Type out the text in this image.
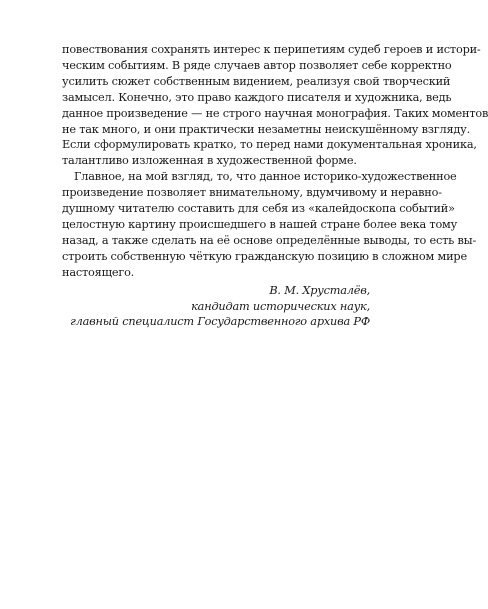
повествования сохранять интерес к перипетиям судеб героев и истори-
ческим событиям. В ряде случаев автор позволяет себе корректно
усилить сюжет собственным видением, реализуя свой творческий
замысел. Конечно, это право каждого писателя и художника, ведь
данное произведение — не строго научная монография. Таких моментов
не так много, и они практически незаметны неискушённому взгляду.
Если сформулировать кратко, то перед нами документальная хроника,
талантливо изложенная в художественной форме.
Главное, на мой взгляд, то, что данное историко-художественное
произведение позволяет внимательному, вдумчивому и неравно-
душному читателю составить для себя из «калейдоскопа событий»
целостную картину происшедшего в нашей стране более века тому
назад, а также сделать на её основе определённые выводы, то есть вы-
строить собственную чёткую гражданскую позицию в сложном мире
настоящего.
В. М. Хрусталёв,
кандидат исторических наук,
главный специалист Государственного архива РФ
